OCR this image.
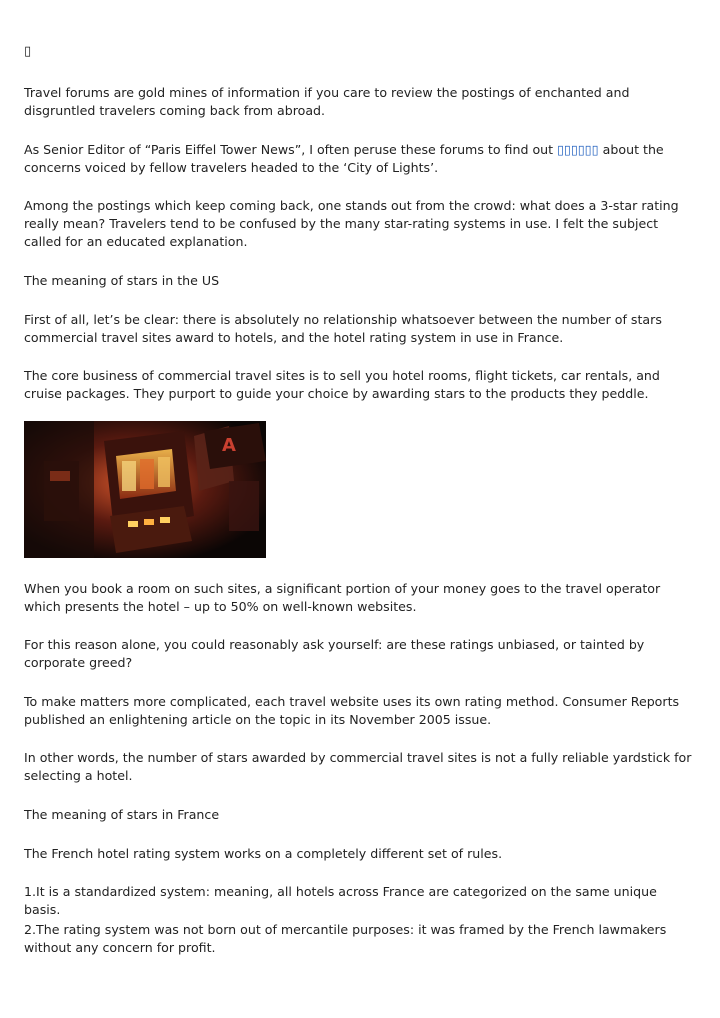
▯

Travel forums are gold mines of information if you care to review the postings of enchanted and disgruntled travelers coming back from abroad.

As Senior Editor of “Paris Eiffel Tower News”, I often peruse these forums to find out ▯▯▯▯▯▯ about the concerns voiced by fellow travelers headed to the ‘City of Lights’.

Among the postings which keep coming back, one stands out from the crowd: what does a 3-star rating really mean? Travelers tend to be confused by the many star-rating systems in use. I felt the subject called for an educated explanation.

The meaning of stars in the US

First of all, let’s be clear: there is absolutely no relationship whatsoever between the number of stars commercial travel sites award to hotels, and the hotel rating system in use in France.

The core business of commercial travel sites is to sell you hotel rooms, flight tickets, car rentals, and cruise packages. They purport to guide your choice by awarding stars to the products they peddle.

A

When you book a room on such sites, a significant portion of your money goes to the travel operator which presents the hotel – up to 50% on well-known websites.

For this reason alone, you could reasonably ask yourself: are these ratings unbiased, or tainted by corporate greed?

To make matters more complicated, each travel website uses its own rating method. Consumer Reports published an enlightening article on the topic in its November 2005 issue.

In other words, the number of stars awarded by commercial travel sites is not a fully reliable yardstick for selecting a hotel.

The meaning of stars in France

The French hotel rating system works on a completely different set of rules.

1.It is a standardized system: meaning, all hotels across France are categorized on the same unique basis.

2.The rating system was not born out of mercantile purposes: it was framed by the French lawmakers without any concern for profit.
